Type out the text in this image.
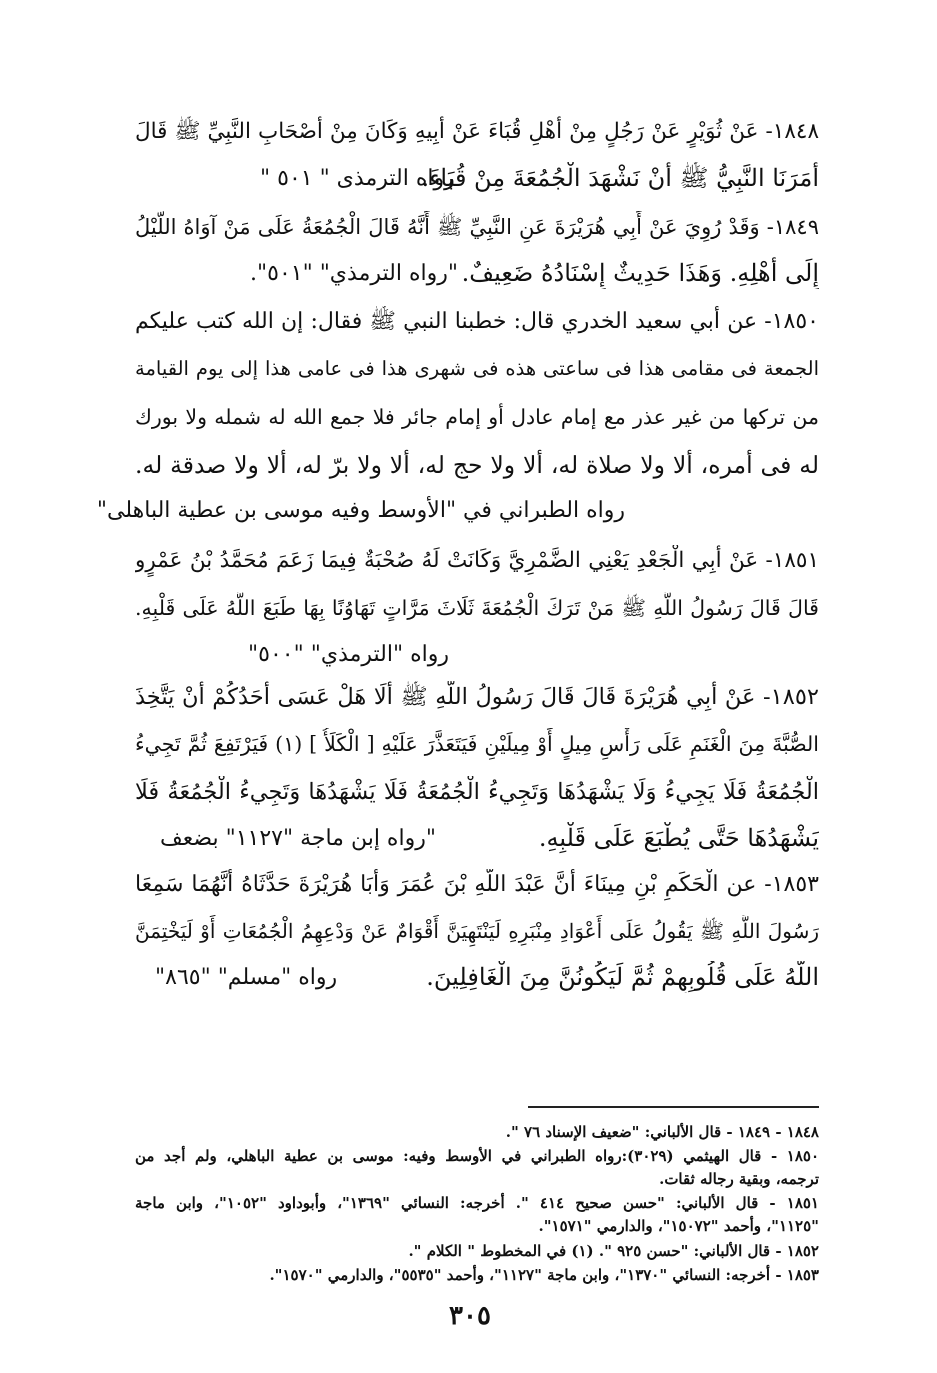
١٨٤٨- عَنْ ثُوَيْرٍ عَنْ رَجُلٍ مِنْ أَهْلِ قُبَاءَ عَنْ أَبِيهِ وَكَانَ مِنْ أَصْحَابِ النَّبِيِّ ﷺ قَالَ
أَمَرَنَا النَّبِيُّ ﷺ أَنْ نَشْهَدَ الْجُمُعَةَ مِنْ قُبَاءَ.
رواه الترمذى " ٥٠١ "
١٨٤٩- وَقَدْ رُوِيَ عَنْ أَبِي هُرَيْرَةَ عَنِ النَّبِيِّ ﷺ أَنَّهُ قَالَ الْجُمُعَةُ عَلَى مَنْ آوَاهُ اللَّيْلُ
إِلَى أَهْلِهِ. وَهَذَا حَدِيثٌ إِسْنَادُهُ ضَعِيفٌ.
"رواه الترمذي" "٥٠١".
١٨٥٠- عن أبي سعيد الخدري قال: خطبنا النبي ﷺ فقال: إن الله كتب عليكم
الجمعة فى مقامى هذا فى ساعتى هذه فى شهرى هذا فى عامى هذا إلى يوم القيامة
من تركها من غير عذر مع إمام عادل أو إمام جائر فلا جمع الله له شمله ولا بورك
له فى أمره، ألا ولا صلاة له، ألا ولا حج له، ألا ولا برّ له، ألا ولا صدقة له.
رواه الطبراني في "الأوسط وفيه موسى بن عطية الباهلى"
١٨٥١- عَنْ أَبِي الْجَعْدِ يَعْنِي الضَّمْرِيَّ وَكَانَتْ لَهُ صُحْبَةٌ فِيمَا زَعَمَ مُحَمَّدُ بْنُ عَمْرٍو
قَالَ قَالَ رَسُولُ اللَّهِ ﷺ مَنْ تَرَكَ الْجُمُعَةَ ثَلَاثَ مَرَّاتٍ تَهَاوُنًا بِهَا طَبَعَ اللَّهُ عَلَى قَلْبِهِ.
رواه "الترمذي" "٥٠٠"
١٨٥٢- عَنْ أَبِي هُرَيْرَةَ قَالَ قَالَ رَسُولُ اللَّهِ ﷺ أَلَا هَلْ عَسَى أَحَدُكُمْ أَنْ يَتَّخِذَ
الصُّبَّةَ مِنَ الْغَنَمِ عَلَى رَأْسِ مِيلٍ أَوْ مِيلَيْنِ فَيَتَعَذَّرَ عَلَيْهِ [ الْكَلَأُ ] (١) فَيَرْتَفِعَ ثُمَّ تَجِيءُ
الْجُمُعَةُ فَلَا يَجِيءُ وَلَا يَشْهَدُهَا وَتَجِيءُ الْجُمُعَةُ فَلَا يَشْهَدُهَا وَتَجِيءُ الْجُمُعَةُ فَلَا
يَشْهَدُهَا حَتَّى يُطْبَعَ عَلَى قَلْبِهِ.
"رواه إبن ماجة "١١٢٧" بضعف
١٨٥٣- عن الْحَكَمِ بْنِ مِينَاءَ أَنَّ عَبْدَ اللَّهِ بْنَ عُمَرَ وَأَبَا هُرَيْرَةَ حَدَّثَاهُ أَنَّهُمَا سَمِعَا
رَسُولَ اللَّهِ ﷺ يَقُولُ عَلَى أَعْوَادِ مِنْبَرِهِ لَيَنْتَهِيَنَّ أَقْوَامٌ عَنْ وَدْعِهِمُ الْجُمُعَاتِ أَوْ لَيَخْتِمَنَّ
اللَّهُ عَلَى قُلُوبِهِمْ ثُمَّ لَيَكُونُنَّ مِنَ الْغَافِلِينَ.
رواه "مسلم" "٨٦٥"
١٨٤٨ - ١٨٤٩ - قال الألباني: "ضعيف الإسناد ٧٦ ".
١٨٥٠ - قال الهيثمي (٣٠٢٩):رواه الطبراني في الأوسط وفيه: موسى بن عطية الباهلي، ولم أجد من
ترجمه، وبقية رجاله ثقات.
١٨٥١ - قال الألباني: "حسن صحيح ٤١٤ ". أخرجه: النسائي "١٣٦٩"، وأبوداود "١٠٥٢"، وابن ماجة
"١١٢٥"، وأحمد "١٥٠٧٢"، والدارمي "١٥٧١".
١٨٥٢ - قال الألباني: "حسن ٩٢٥ ". (١) في المخطوط " الكلام ".
١٨٥٣ - أخرجه: النسائي "١٣٧٠"، وابن ماجة "١١٢٧"، وأحمد "٥٥٣٥"، والدارمي "١٥٧٠".
٣٠٥
